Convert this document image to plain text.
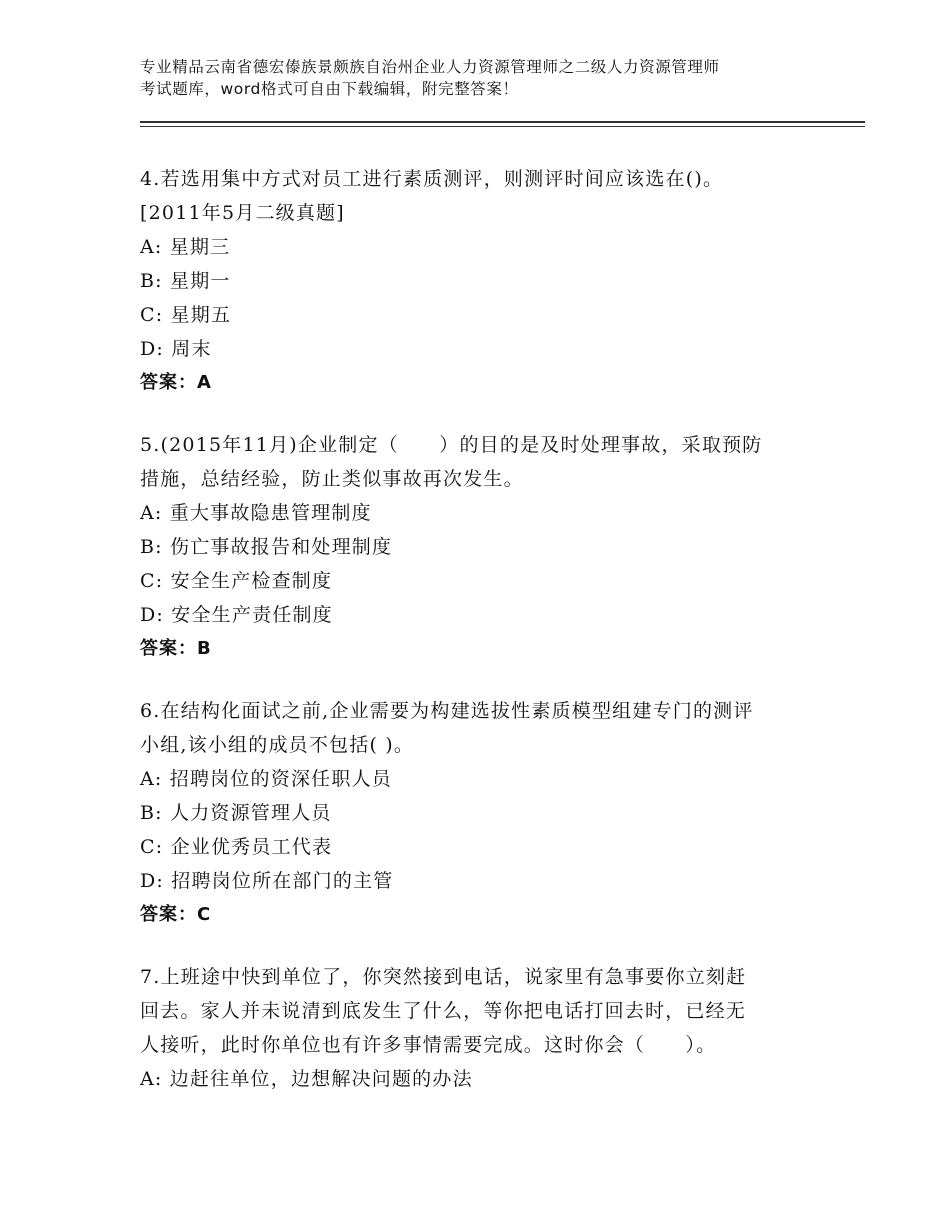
专业精品云南省德宏傣族景颇族自治州企业人力资源管理师之二级人力资源管理师
考试题库，word格式可自由下载编辑，附完整答案！
4.若选用集中方式对员工进行素质测评，则测评时间应该选在()。
[2011年5月二级真题]
A: 星期三
B: 星期一
C: 星期五
D: 周末
答案：A
5.(2015年11月)企业制定（　　）的目的是及时处理事故，采取预防
措施，总结经验，防止类似事故再次发生。
A: 重大事故隐患管理制度
B: 伤亡事故报告和处理制度
C: 安全生产检查制度
D: 安全生产责任制度
答案：B
6.在结构化面试之前,企业需要为构建选拔性素质模型组建专门的测评
小组,该小组的成员不包括( )。
A: 招聘岗位的资深任职人员
B: 人力资源管理人员
C: 企业优秀员工代表
D: 招聘岗位所在部门的主管
答案：C
7.上班途中快到单位了，你突然接到电话，说家里有急事要你立刻赶
回去。家人并未说清到底发生了什么，等你把电话打回去时，已经无
人接听，此时你单位也有许多事情需要完成。这时你会（　　）。
A: 边赶往单位，边想解决问题的办法
